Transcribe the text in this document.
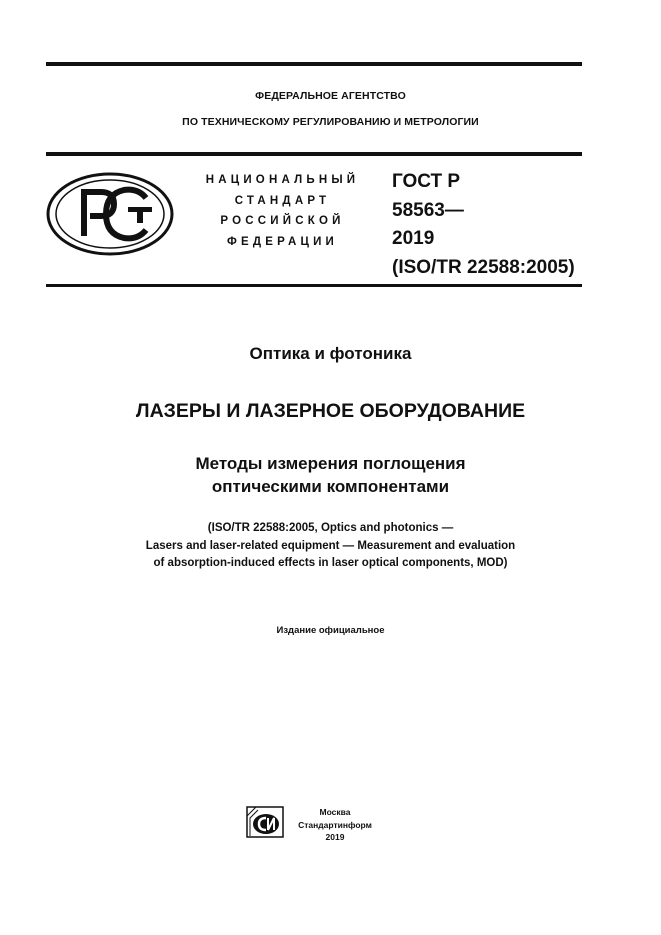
ФЕДЕРАЛЬНОЕ АГЕНТСТВО
ПО ТЕХНИЧЕСКОМУ РЕГУЛИРОВАНИЮ И МЕТРОЛОГИИ
НАЦИОНАЛЬНЫЙ
СТАНДАРТ
РОССИЙСКОЙ
ФЕДЕРАЦИИ
ГОСТ Р
58563—
2019
(ISO/TR 22588:2005)
Оптика и фотоника
ЛАЗЕРЫ И ЛАЗЕРНОЕ ОБОРУДОВАНИЕ
Методы измерения поглощения
оптическими компонентами
(ISO/TR 22588:2005, Optics and photonics —
Lasers and laser-related equipment — Measurement and evaluation
of absorption-induced effects in laser optical components, MOD)
Издание официальное
Москва
Стандартинформ
2019
